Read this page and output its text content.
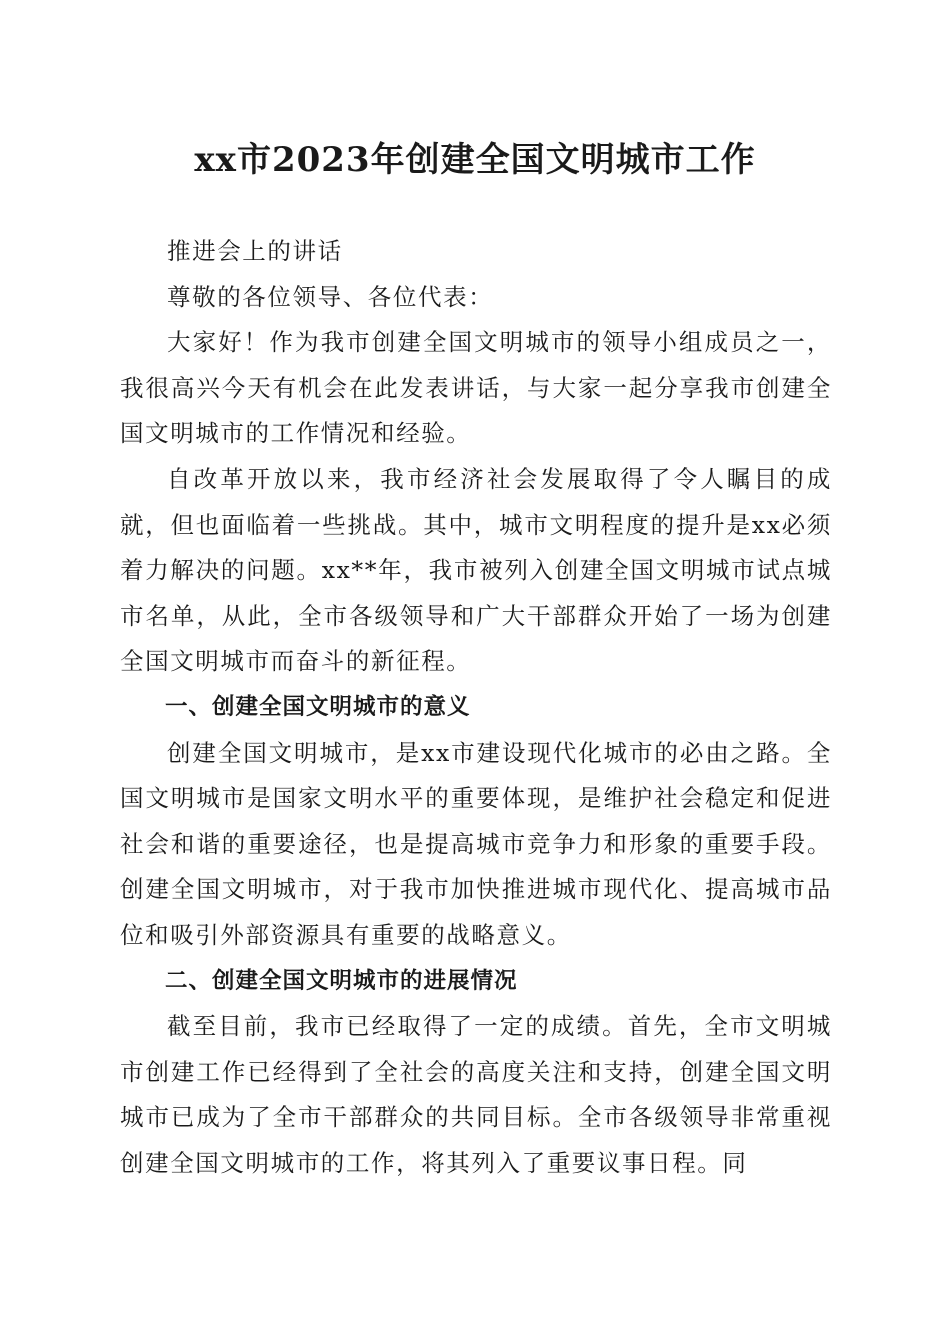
xx市2023年创建全国文明城市工作

推进会上的讲话

尊敬的各位领导、各位代表：

大家好！作为我市创建全国文明城市的领导小组成员之一，我很高兴今天有机会在此发表讲话，与大家一起分享我市创建全国文明城市的工作情况和经验。

自改革开放以来，我市经济社会发展取得了令人瞩目的成就，但也面临着一些挑战。其中，城市文明程度的提升是xx必须着力解决的问题。xx**年，我市被列入创建全国文明城市试点城市名单，从此，全市各级领导和广大干部群众开始了一场为创建全国文明城市而奋斗的新征程。

一、创建全国文明城市的意义

创建全国文明城市，是xx市建设现代化城市的必由之路。全国文明城市是国家文明水平的重要体现，是维护社会稳定和促进社会和谐的重要途径，也是提高城市竞争力和形象的重要手段。创建全国文明城市，对于我市加快推进城市现代化、提高城市品位和吸引外部资源具有重要的战略意义。

二、创建全国文明城市的进展情况

截至目前，我市已经取得了一定的成绩。首先，全市文明城市创建工作已经得到了全社会的高度关注和支持，创建全国文明城市已成为了全市干部群众的共同目标。全市各级领导非常重视创建全国文明城市的工作，将其列入了重要议事日程。同
